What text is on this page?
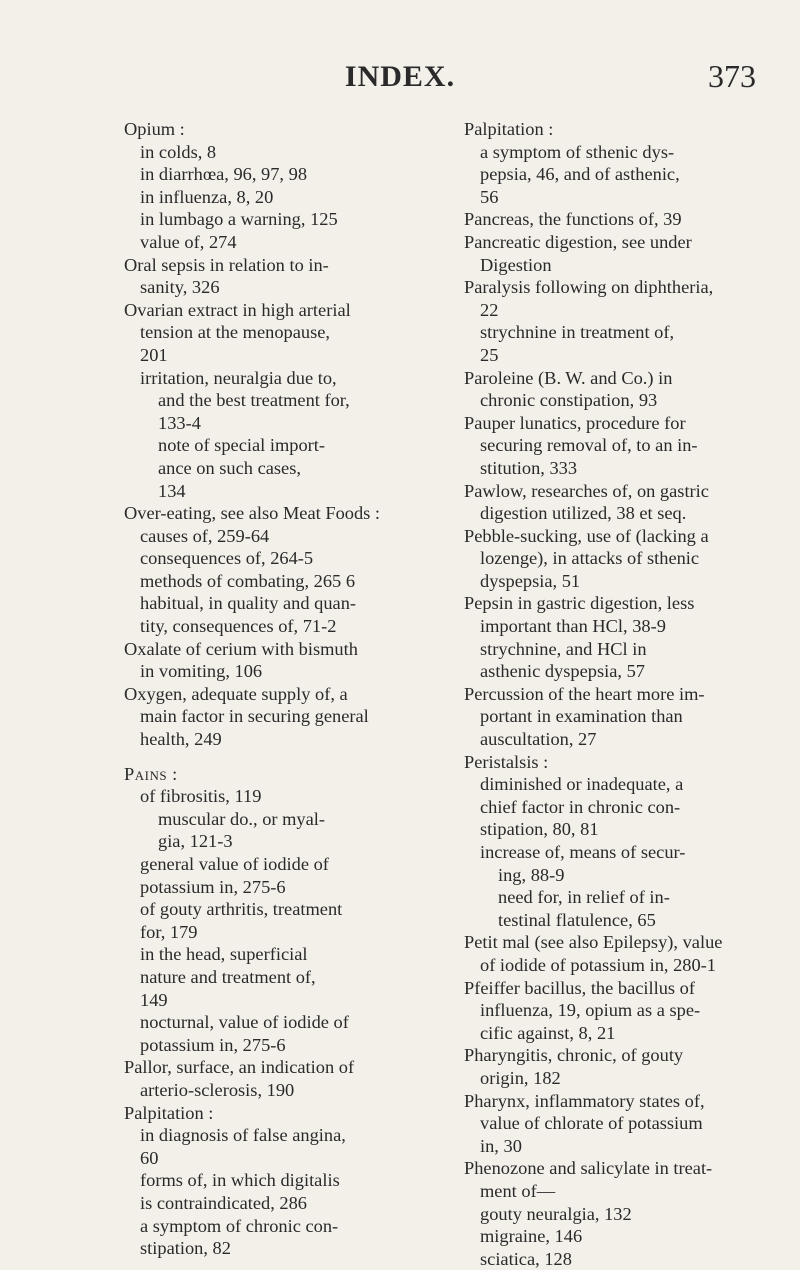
INDEX.	373
Opium :
in colds, 8
in diarrhœa, 96, 97, 98
in influenza, 8, 20
in lumbago a warning, 125
value of, 274
Oral sepsis in relation to in-
sanity, 326
Ovarian extract in high arterial
tension at the menopause,
201
irritation, neuralgia due to,
and the best treatment for,
133-4
note of special import-
ance on such cases,
134
Over-eating, see also Meat Foods :
causes of, 259-64
consequences of, 264-5
methods of combating, 265 6
habitual, in quality and quan-
tity, consequences of, 71-2
Oxalate of cerium with bismuth
in vomiting, 106
Oxygen, adequate supply of, a
main factor in securing general
health, 249
Pains :
of fibrositis, 119
muscular do., or myal-
gia, 121-3
general value of iodide of
potassium in, 275-6
of gouty arthritis, treatment
for, 179
in the head, superficial
nature and treatment of,
149
nocturnal, value of iodide of
potassium in, 275-6
Pallor, surface, an indication of
arterio-sclerosis, 190
Palpitation :
in diagnosis of false angina,
60
forms of, in which digitalis
is contraindicated, 286
a symptom of chronic con-
stipation, 82
Palpitation :
a symptom of sthenic dys-
pepsia, 46, and of asthenic,
56
Pancreas, the functions of, 39
Pancreatic digestion, see under
Digestion
Paralysis following on diphtheria,
22
strychnine in treatment of,
25
Paroleine (B. W. and Co.) in
chronic constipation, 93
Pauper lunatics, procedure for
securing removal of, to an in-
stitution, 333
Pawlow, researches of, on gastric
digestion utilized, 38 et seq.
Pebble-sucking, use of (lacking a
lozenge), in attacks of sthenic
dyspepsia, 51
Pepsin in gastric digestion, less
important than HCl, 38-9
strychnine, and HCl in
asthenic dyspepsia, 57
Percussion of the heart more im-
portant in examination than
auscultation, 27
Peristalsis :
diminished or inadequate, a
chief factor in chronic con-
stipation, 80, 81
increase of, means of secur-
ing, 88-9
need for, in relief of in-
testinal flatulence, 65
Petit mal (see also Epilepsy), value
of iodide of potassium in, 280-1
Pfeiffer bacillus, the bacillus of
influenza, 19, opium as a spe-
cific against, 8, 21
Pharyngitis, chronic, of gouty
origin, 182
Pharynx, inflammatory states of,
value of chlorate of potassium
in, 30
Phenozone and salicylate in treat-
ment of—
gouty neuralgia, 132
migraine, 146
sciatica, 128
